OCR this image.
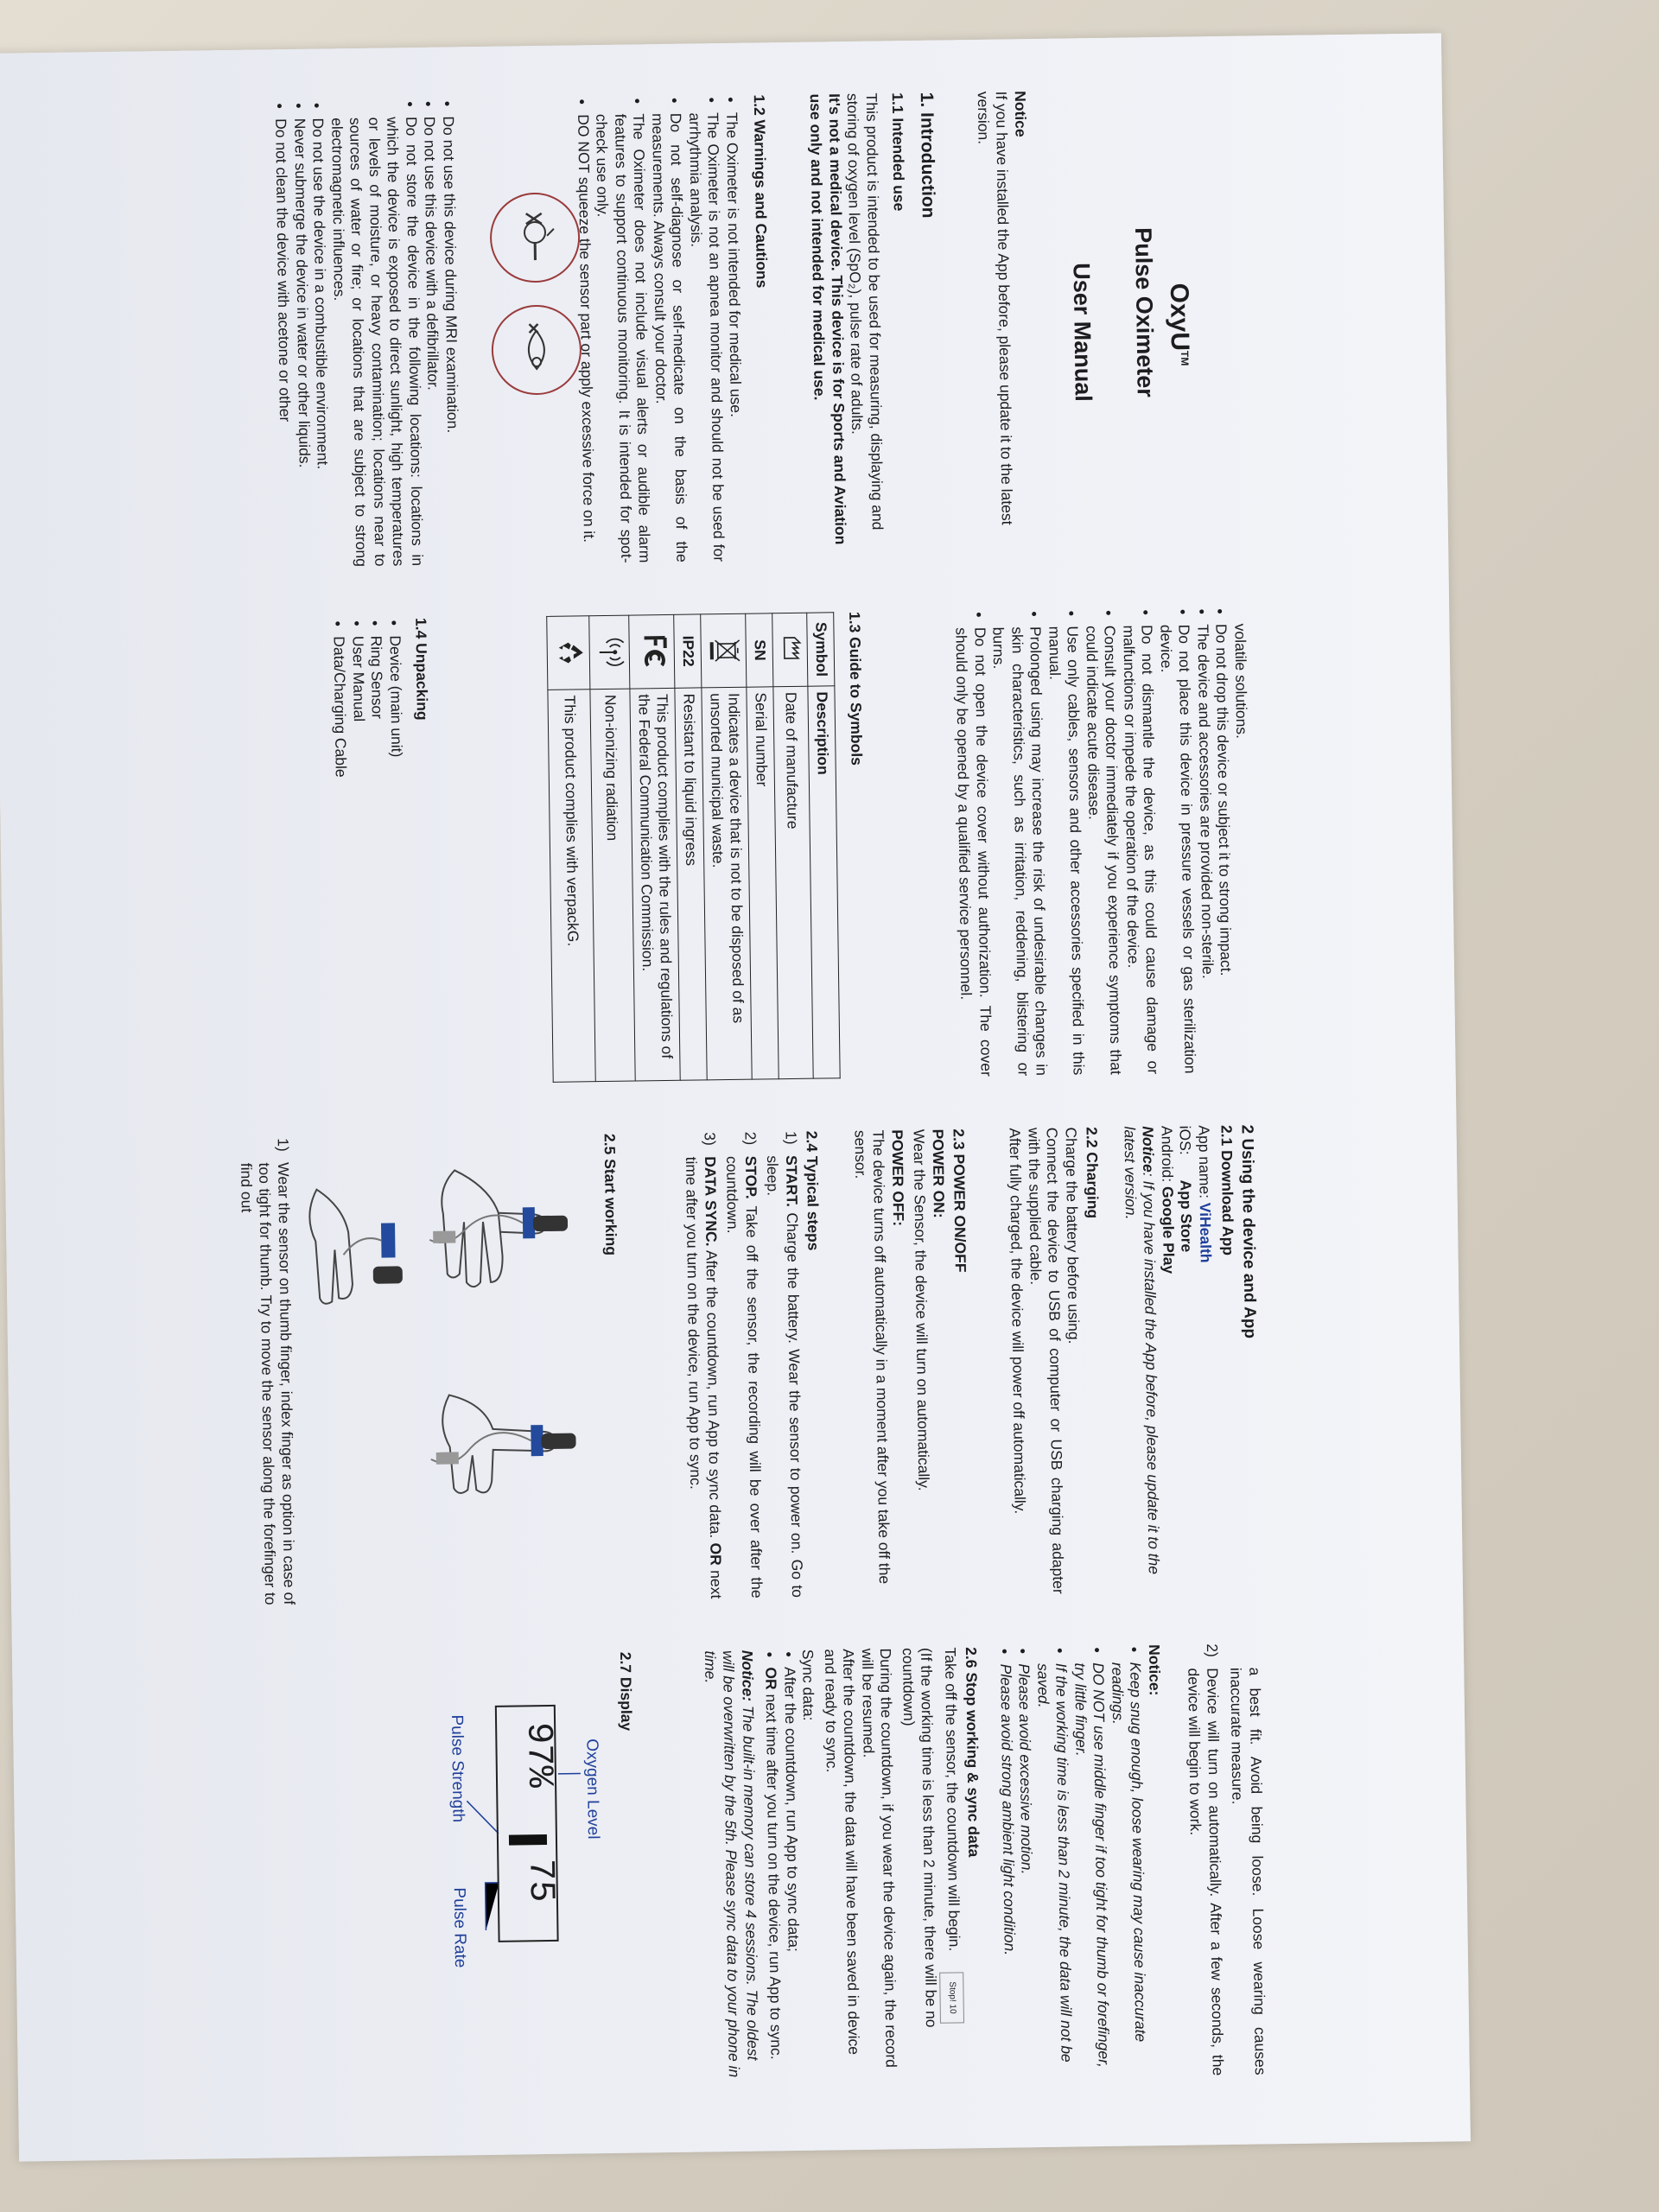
OxyU™
Pulse Oximeter
User Manual
Notice
If you have installed the App before, please update it to the latest version.
1. Introduction
1.1 Intended use
This product is intended to be used for measuring, displaying and storing of oxygen level (SpO₂), pulse rate of adults.
It's not a medical device. This device is for Sports and Aviation use only and not intended for medical use.
1.2 Warnings and Cautions
• The Oximeter is not intended for medical use.
• The Oximeter is not an apnea monitor and should not be used for arrhythmia analysis.
• Do not self-diagnose or self-medicate on the basis of the measurements. Always consult your doctor.
• The Oximeter does not include visual alerts or audible alarm features to support continuous monitoring. It is intended for spot-check use only.
• DO NOT squeeze the sensor part or apply excessive force on it.
• Do not use this device during MRI examination.
• Do not use this device with a defibrillator.
• Do not store the device in the following locations: locations in which the device is exposed to direct sunlight, high temperatures or levels of moisture, or heavy contamination; locations near to sources of water or fire; or locations that are subject to strong electromagnetic influences.
• Do not use the device in a combustible environment.
• Never submerge the device in water or other liquids.
• Do not clean the device with acetone or other
volatile solutions.
• Do not drop this device or subject it to strong impact.
• The device and accessories are provided non-sterile.
• Do not place this device in pressure vessels or gas sterilization device.
• Do not dismantle the device, as this could cause damage or malfunctions or impede the operation of the device.
• Consult your doctor immediately if you experience symptoms that could indicate acute disease.
• Use only cables, sensors and other accessories specified in this manual.
• Prolonged using may increase the risk of undesirable changes in skin characteristics, such as irritation, reddening, blistering or burns.
• Do not open the device cover without authorization. The cover should only be opened by a qualified service personnel.
1.3 Guide to Symbols
Symbol	Description
	Date of manufacture
SN	Serial number
	Indicates a device that is not to be disposed of as unsorted municipal waste.
IP22	Resistant to liquid ingress
	This product complies with the rules and regulations of the Federal Communication Commission.
	Non-ionizing radiation
	This product complies with verpackG.
1.4 Unpacking
• Device (main unit)
• Ring Sensor
• User Manual
• Data/Charging Cable
2 Using the device and App
2.1 Download App
App name: ViHealth
iOS: App Store
Android: Google Play
Notice: If you have installed the App before, please update it to the latest version.
2.2 Charging
Charge the battery before using.
Connect the device to USB of computer or USB charging adapter with the supplied cable.
After fully charged, the device will power off automatically.
2.3 POWER ON/OFF
POWER ON:
Wear the Sensor, the device will turn on automatically.
POWER OFF:
The device turns off automatically in a moment after you take off the sensor.
2.4 Typical steps
1)
START. Charge the battery. Wear the sensor to power on. Go to sleep.
2)
STOP. Take off the sensor, the recording will be over after the countdown.
3)
DATA SYNC. After the countdown, run App to sync data. OR next time after you turn on the device, run App to sync.
2.5 Start working
1)
Wear the sensor on thumb finger, index finger as option in case of too tight for thumb. Try to move the sensor along the forefinger to find out
a best fit. Avoid being loose. Loose wearing causes inaccurate measure.
2)
Device will turn on automatically. After a few seconds, the device will begin to work.
Notice:
• Keep snug enough, loose wearing may cause inaccurate readings.
• DO NOT use middle finger if too tight for thumb or forefinger, try little finger.
• If the working time is less than 2 minute, the data will not be saved.
• Please avoid excessive motion.
• Please avoid strong ambient light condition.
2.6 Stop working & sync data
Take off the sensor, the countdown will begin.Stop! 10
(If the working time is less than 2 minute, there will be no countdown)
During the countdown, if you wear the device again, the record will be resumed.
After the countdown, the data will have been saved in device and ready to sync.
Sync data:
• After the countdown, run App to sync data;
• OR next time after you turn on the device, run App to sync.
Notice: The built-in memory can store 4 sessions. The oldest will be overwritten by the 5th. Please sync data to your phone in time.
2.7 Display
Oxygen Level
97%
75
Pulse Strength
Pulse Rate
